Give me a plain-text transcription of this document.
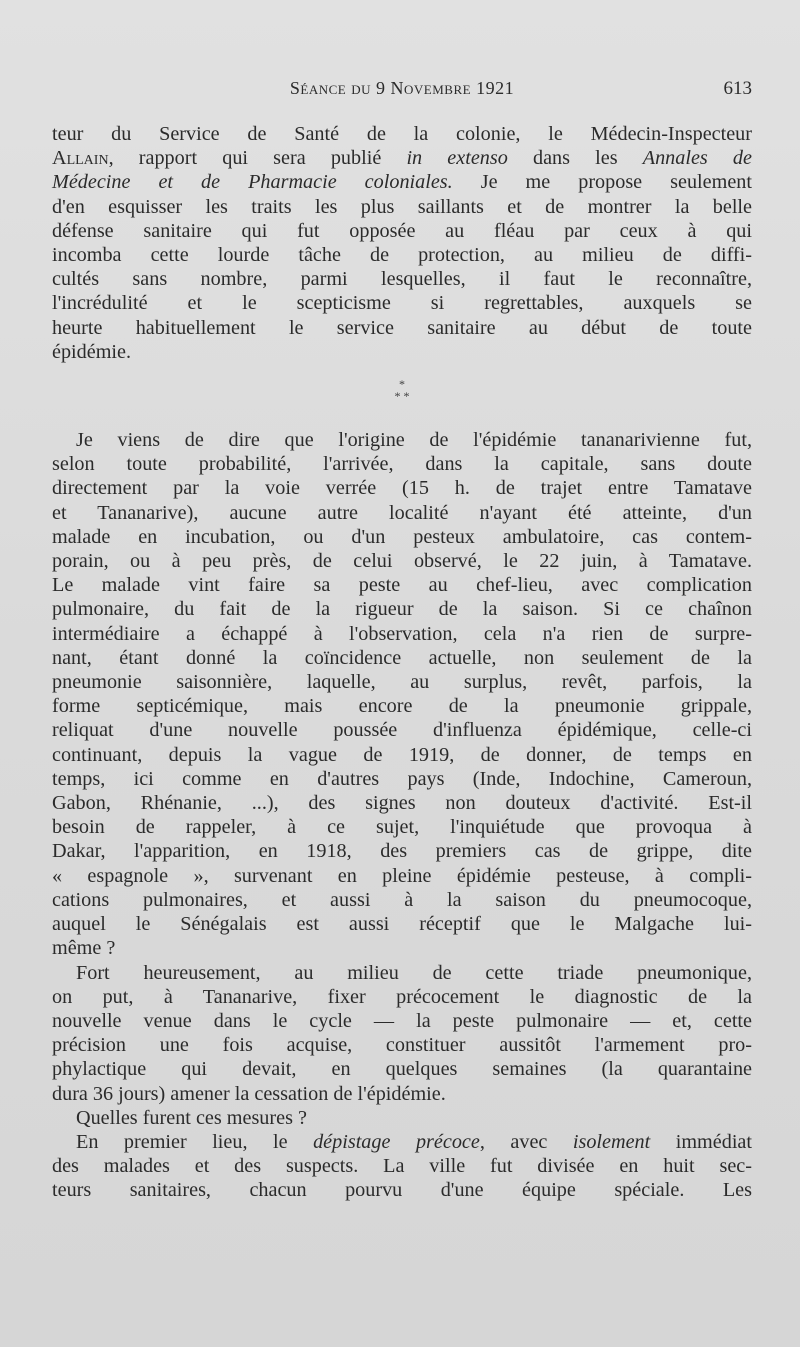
Séance du 9 Novembre 1921	613

teur du Service de Santé de la colonie, le Médecin-Inspecteur
Allain, rapport qui sera publié in extenso dans les Annales de
Médecine et de Pharmacie coloniales. Je me propose seulement
d'en esquisser les traits les plus saillants et de montrer la belle
défense sanitaire qui fut opposée au fléau par ceux à qui
incomba cette lourde tâche de protection, au milieu de diffi-
cultés sans nombre, parmi lesquelles, il faut le reconnaître,
l'incrédulité et le scepticisme si regrettables, auxquels se
heurte habituellement le service sanitaire au début de toute
épidémie.

*
* *

Je viens de dire que l'origine de l'épidémie tananarivienne fut,
selon toute probabilité, l'arrivée, dans la capitale, sans doute
directement par la voie verrée (15 h. de trajet entre Tamatave
et Tananarive), aucune autre localité n'ayant été atteinte, d'un
malade en incubation, ou d'un pesteux ambulatoire, cas contem-
porain, ou à peu près, de celui observé, le 22 juin, à Tamatave.
Le malade vint faire sa peste au chef-lieu, avec complication
pulmonaire, du fait de la rigueur de la saison. Si ce chaînon
intermédiaire a échappé à l'observation, cela n'a rien de surpre-
nant, étant donné la coïncidence actuelle, non seulement de la
pneumonie saisonnière, laquelle, au surplus, revêt, parfois, la
forme septicémique, mais encore de la pneumonie grippale,
reliquat d'une nouvelle poussée d'influenza épidémique, celle-ci
continuant, depuis la vague de 1919, de donner, de temps en
temps, ici comme en d'autres pays (Inde, Indochine, Cameroun,
Gabon, Rhénanie, ...), des signes non douteux d'activité. Est-il
besoin de rappeler, à ce sujet, l'inquiétude que provoqua à
Dakar, l'apparition, en 1918, des premiers cas de grippe, dite
« espagnole », survenant en pleine épidémie pesteuse, à compli-
cations pulmonaires, et aussi à la saison du pneumocoque,
auquel le Sénégalais est aussi réceptif que le Malgache lui-
même ?

Fort heureusement, au milieu de cette triade pneumonique,
on put, à Tananarive, fixer précocement le diagnostic de la
nouvelle venue dans le cycle — la peste pulmonaire — et, cette
précision une fois acquise, constituer aussitôt l'armement pro-
phylactique qui devait, en quelques semaines (la quarantaine
dura 36 jours) amener la cessation de l'épidémie.

Quelles furent ces mesures ?

En premier lieu, le dépistage précoce, avec isolement immédiat
des malades et des suspects. La ville fut divisée en huit sec-
teurs sanitaires, chacun pourvu d'une équipe spéciale. Les
